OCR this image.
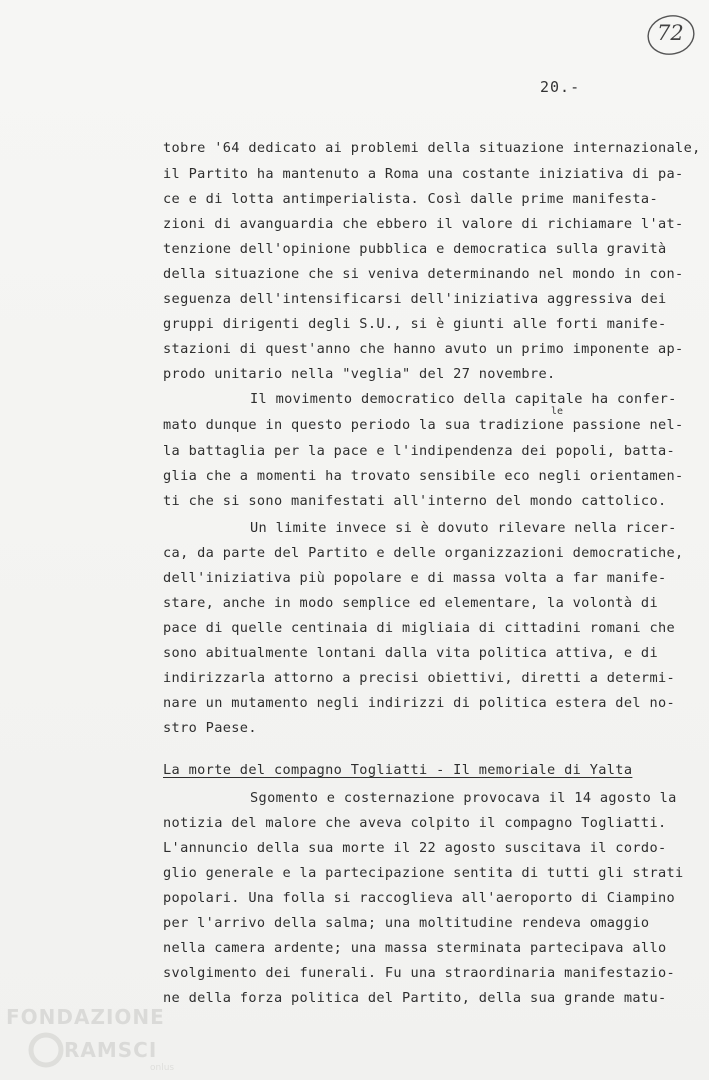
72
20.-
tobre '64 dedicato ai problemi della situazione internazionale,
il Partito ha mantenuto a Roma una costante iniziativa di pa-
ce e di lotta antimperialista. Così dalle prime manifesta-
zioni di avanguardia che ebbero il valore di richiamare l'at-
tenzione dell'opinione pubblica e democratica sulla gravità
della situazione che si veniva determinando nel mondo in con-
seguenza dell'intensificarsi dell'iniziativa aggressiva dei
gruppi dirigenti degli S.U., si è giunti alle forti manife-
stazioni di quest'anno che hanno avuto un primo imponente ap-
prodo unitario nella "veglia" del 27 novembre.
Il movimento democratico della capitale ha confer-
le
mato dunque in questo periodo la sua tradizione passione nel-
la battaglia per la pace e l'indipendenza dei popoli, batta-
glia che a momenti ha trovato sensibile eco negli orientamen-
ti che si sono manifestati all'interno del mondo cattolico.
Un limite invece si è dovuto rilevare nella ricer-
ca, da parte del Partito e delle organizzazioni democratiche,
dell'iniziativa più popolare e di massa volta a far manife-
stare, anche in modo semplice ed elementare, la volontà di
pace di quelle centinaia di migliaia di cittadini romani che
sono abitualmente lontani dalla vita politica attiva, e di
indirizzarla attorno a precisi obiettivi, diretti a determi-
nare un mutamento negli indirizzi di politica estera del no-
stro Paese.
La morte del compagno Togliatti - Il memoriale di Yalta
Sgomento e costernazione provocava il 14 agosto la
notizia del malore che aveva colpito il compagno Togliatti.
L'annuncio della sua morte il 22 agosto suscitava il cordo-
glio generale e la partecipazione sentita di tutti gli strati
popolari. Una folla si raccoglieva all'aeroporto di Ciampino
per l'arrivo della salma; una moltitudine rendeva omaggio
nella camera ardente; una massa sterminata partecipava allo
svolgimento dei funerali. Fu una straordinaria manifestazio-
ne della forza politica del Partito, della sua grande matu-
FONDAZIONE
RAMSCI
onlus
